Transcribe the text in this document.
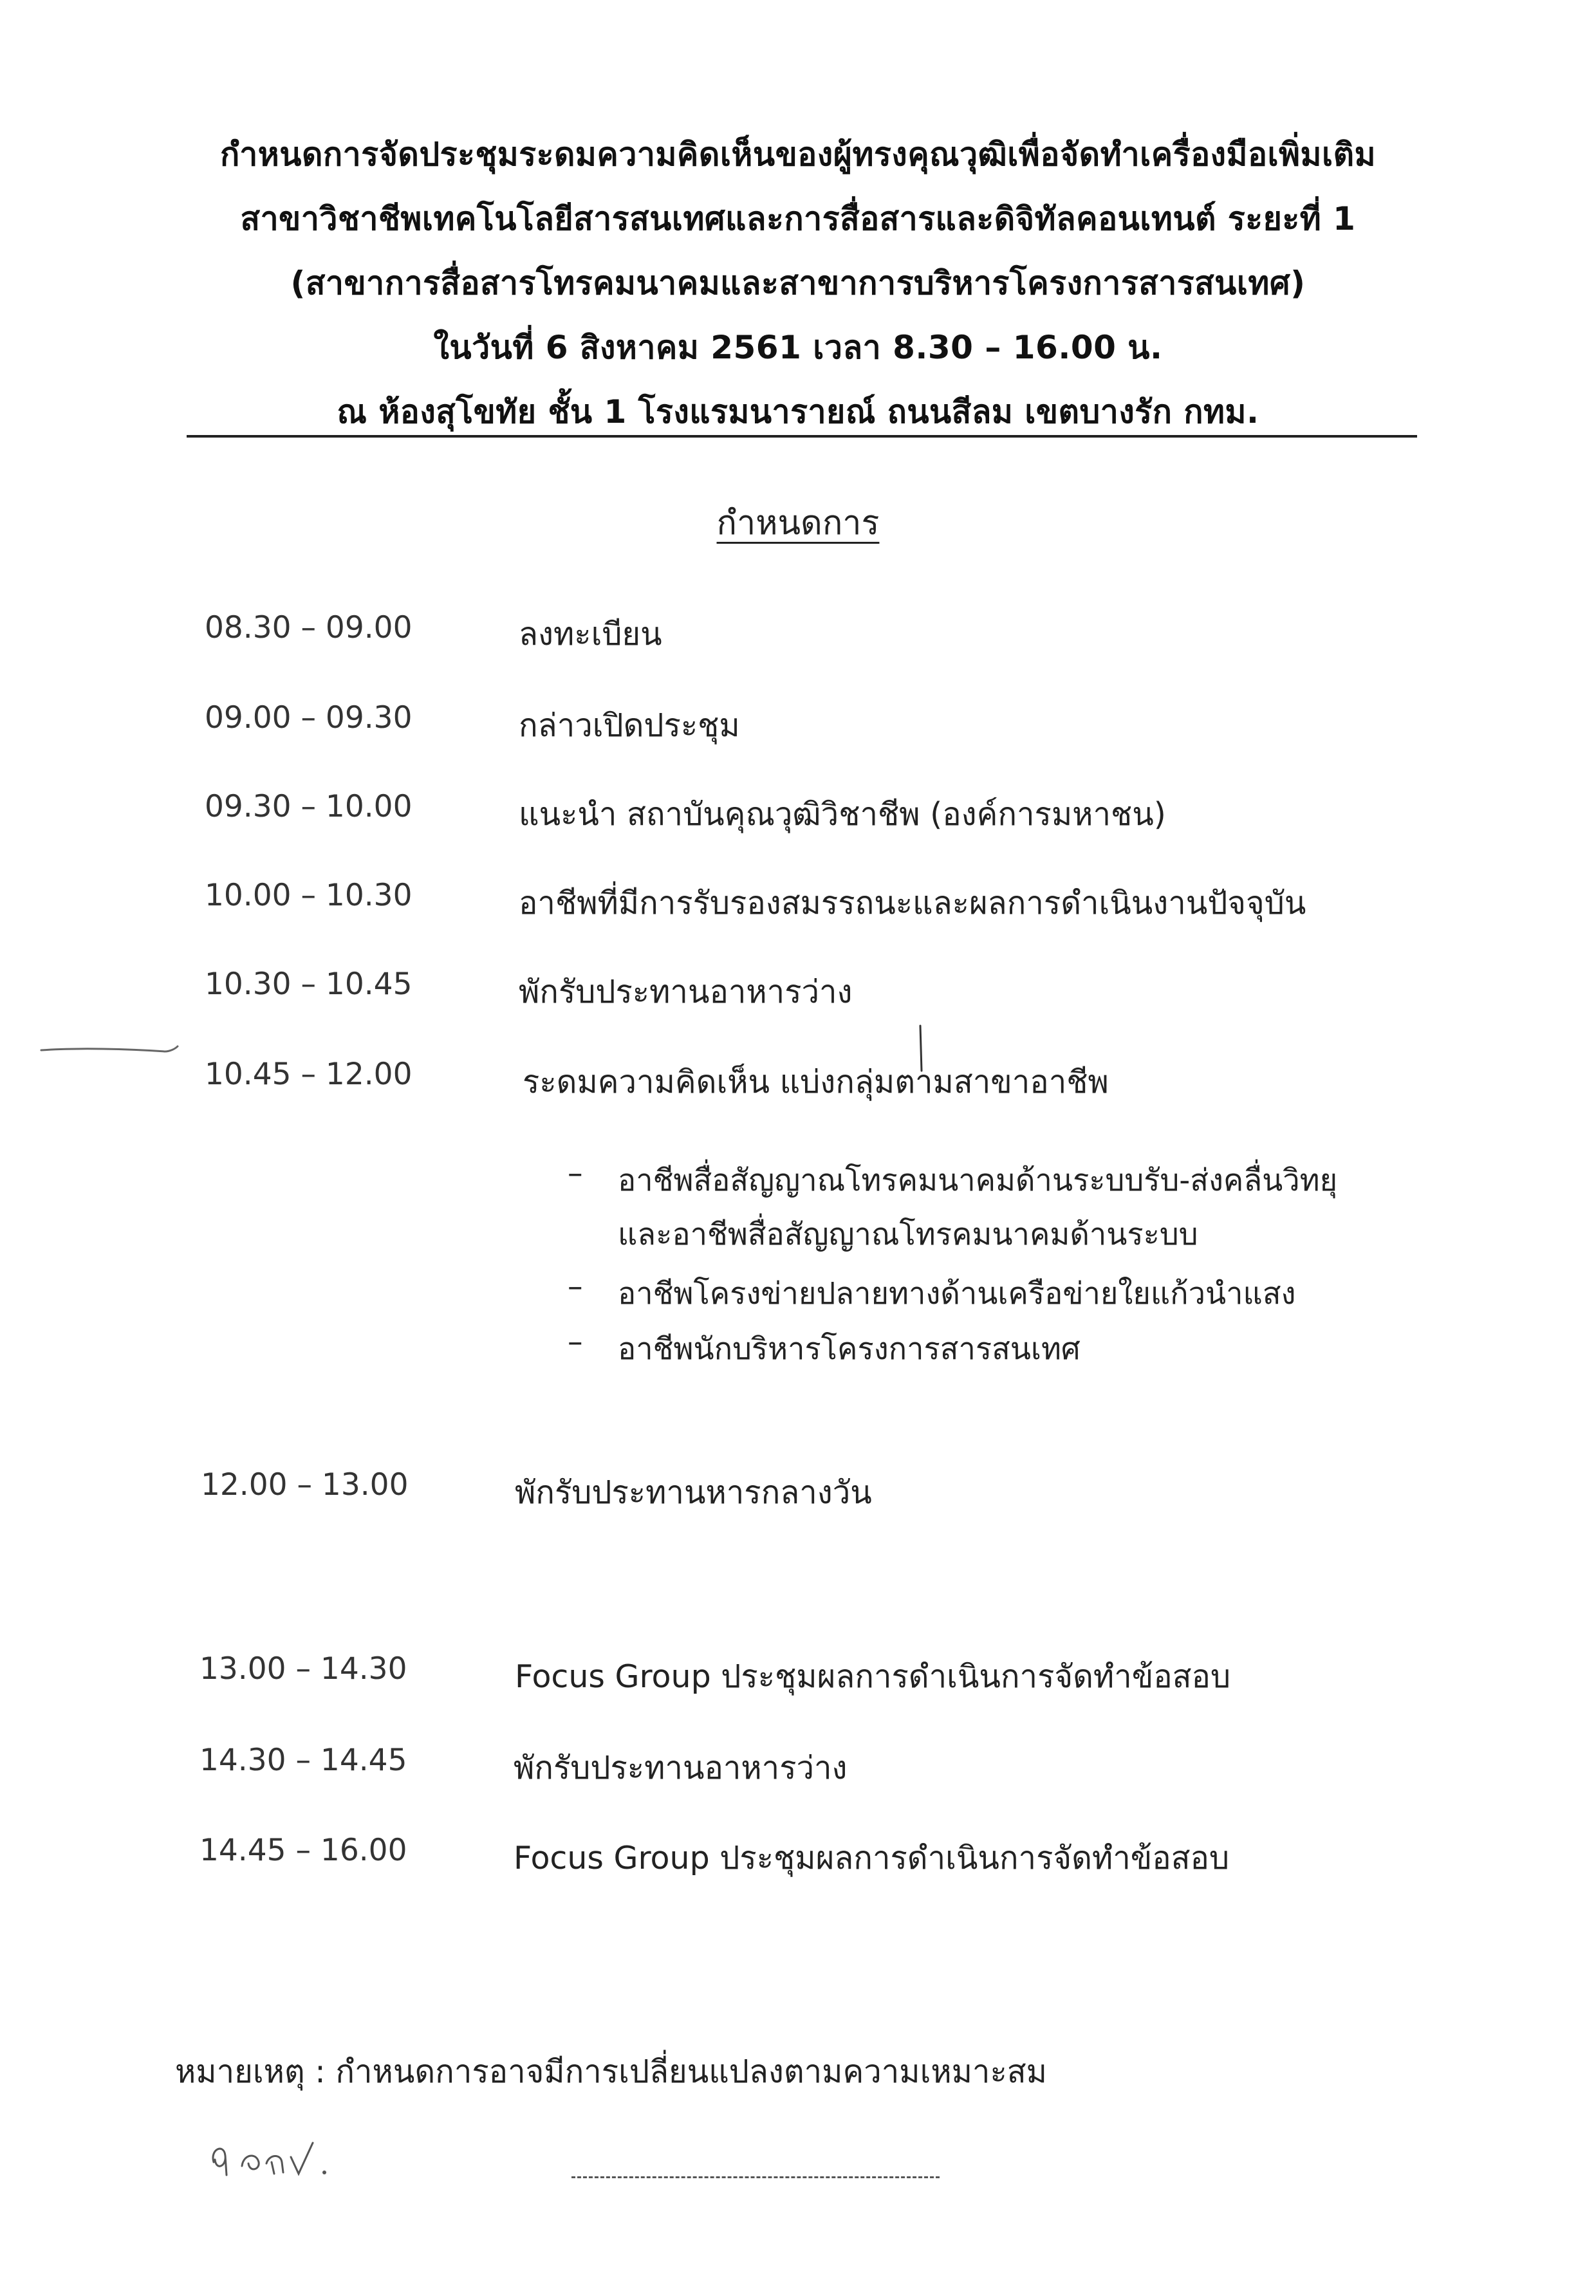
กำหนดการจัดประชุมระดมความคิดเห็นของผู้ทรงคุณวุฒิเพื่อจัดทำเครื่องมือเพิ่มเติม
สาขาวิชาชีพเทคโนโลยีสารสนเทศและการสื่อสารและดิจิทัลคอนเทนต์ ระยะที่ 1
(สาขาการสื่อสารโทรคมนาคมและสาขาการบริหารโครงการสารสนเทศ)
ในวันที่ 6 สิงหาคม 2561 เวลา 8.30 – 16.00 น.
ณ ห้องสุโขทัย ชั้น 1 โรงแรมนารายณ์ ถนนสีลม เขตบางรัก กทม.
กำหนดการ
08.30 – 09.00	ลงทะเบียน
09.00 – 09.30	กล่าวเปิดประชุม
09.30 – 10.00	แนะนำ สถาบันคุณวุฒิวิชาชีพ (องค์การมหาชน)
10.00 – 10.30	อาชีพที่มีการรับรองสมรรถนะและผลการดำเนินงานปัจจุบัน
10.30 – 10.45	พักรับประทานอาหารว่าง
10.45 – 12.00	ระดมความคิดเห็น แบ่งกลุ่มตามสาขาอาชีพ
– อาชีพสื่อสัญญาณโทรคมนาคมด้านระบบรับ-ส่งคลื่นวิทยุ
และอาชีพสื่อสัญญาณโทรคมนาคมด้านระบบ
– อาชีพโครงข่ายปลายทางด้านเครือข่ายใยแก้วนำแสง
– อาชีพนักบริหารโครงการสารสนเทศ
12.00 – 13.00	พักรับประทานหารกลางวัน
13.00 – 14.30	Focus Group ประชุมผลการดำเนินการจัดทำข้อสอบ
14.30 – 14.45	พักรับประทานอาหารว่าง
14.45 – 16.00	Focus Group ประชุมผลการดำเนินการจัดทำข้อสอบ
หมายเหตุ : กำหนดการอาจมีการเปลี่ยนแปลงตามความเหมาะสม
